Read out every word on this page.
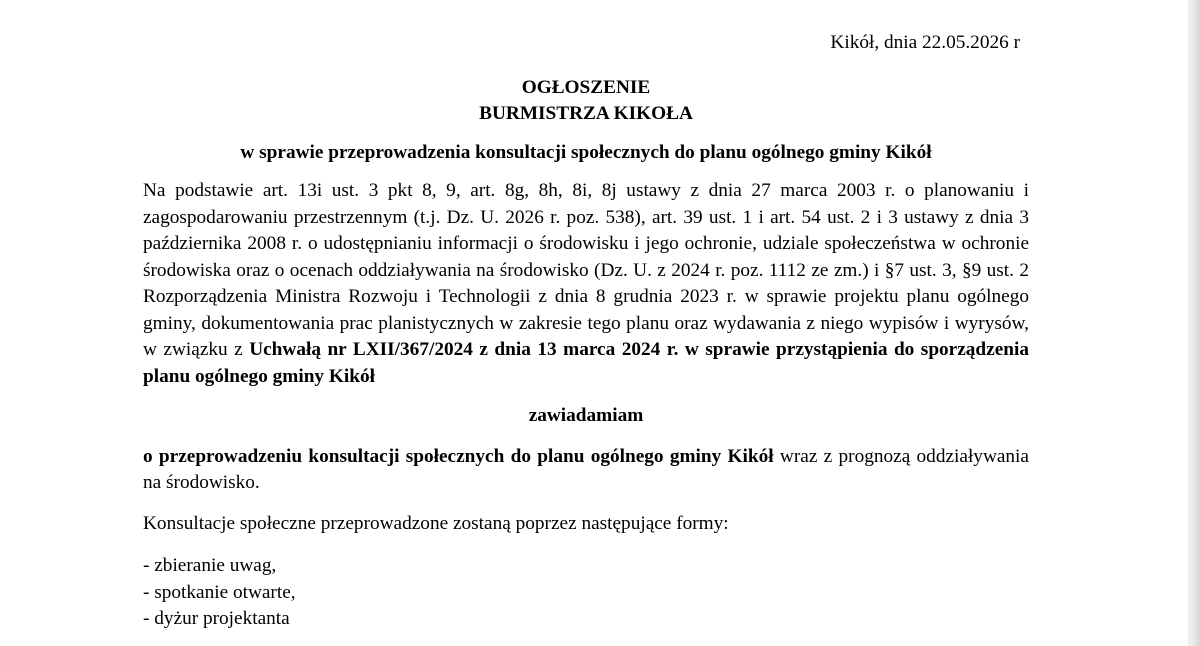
Kikół, dnia 22.05.2026 r
OGŁOSZENIE
BURMISTRZA KIKOŁA
w sprawie przeprowadzenia konsultacji społecznych do planu ogólnego gminy Kikół

Na podstawie art. 13i ust. 3 pkt 8, 9, art. 8g, 8h, 8i, 8j ustawy z dnia 27 marca 2003 r. o planowaniu i zagospodarowaniu przestrzennym (t.j. Dz. U. 2026 r. poz. 538), art. 39 ust. 1 i art. 54 ust. 2 i 3 ustawy z dnia 3 października 2008 r. o udostępnianiu informacji o środowisku i jego ochronie, udziale społeczeństwa w ochronie środowiska oraz o ocenach oddziaływania na środowisko (Dz. U. z 2024 r. poz. 1112 ze zm.) i §7 ust. 3, §9 ust. 2 Rozporządzenia Ministra Rozwoju i Technologii z dnia 8 grudnia 2023 r. w sprawie projektu planu ogólnego gminy, dokumentowania prac planistycznych w zakresie tego planu oraz wydawania z niego wypisów i wyrysów, w związku z Uchwałą nr LXII/367/2024 z dnia 13 marca 2024 r. w sprawie przystąpienia do sporządzenia planu ogólnego gminy Kikół

zawiadamiam

o przeprowadzeniu konsultacji społecznych do planu ogólnego gminy Kikół wraz z prognozą oddziaływania na środowisko.

Konsultacje społeczne przeprowadzone zostaną poprzez następujące formy:

- zbieranie uwag,
- spotkanie otwarte,
- dyżur projektanta
